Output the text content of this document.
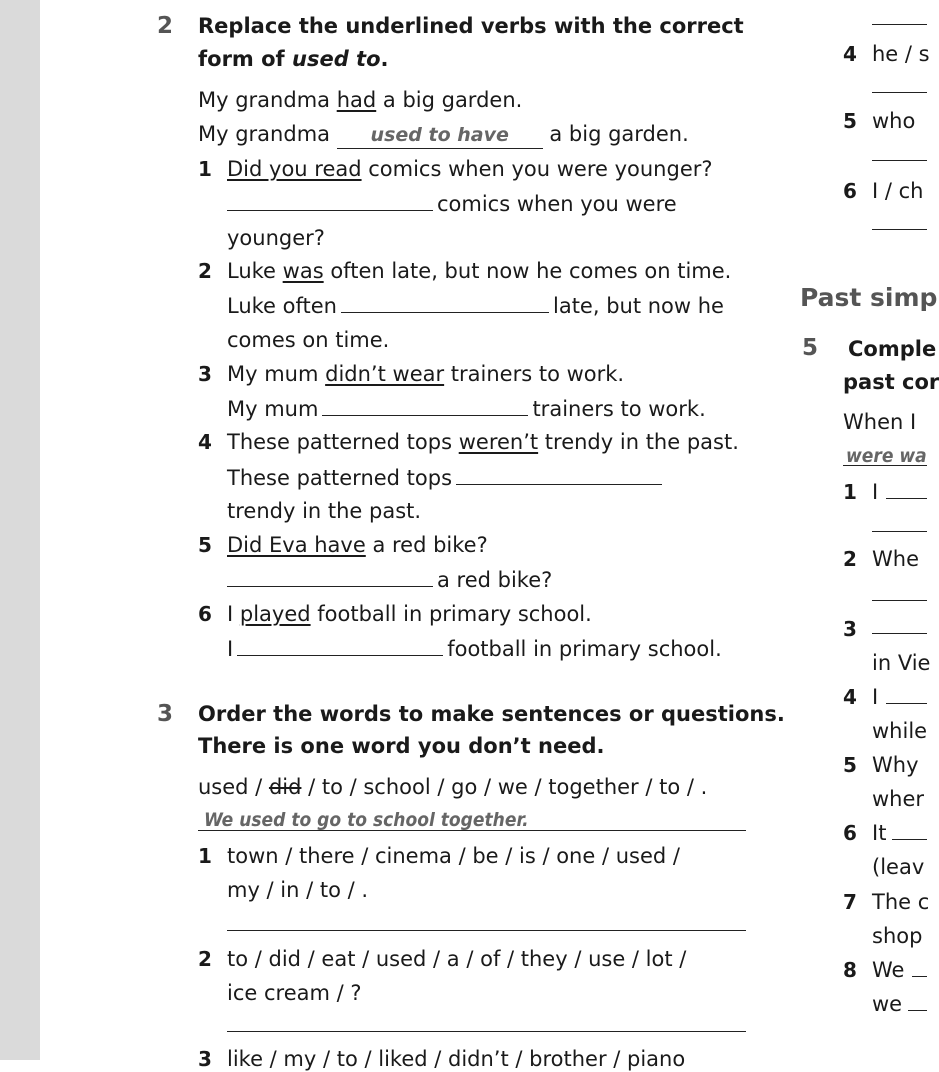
2 Replace the underlined verbs with the correct
form of used to.
My grandma had a big garden.
My grandma used to have a big garden.
1 Did you read comics when you were younger?
comics when you were
younger?
2 Luke was often late, but now he comes on time.
Luke often	late, but now he
comes on time.
3 My mum didn’t wear trainers to work.
My mum	trainers to work.
4 These patterned tops weren’t trendy in the past.
These patterned tops
trendy in the past.
5 Did Eva have a red bike?
a red bike?
6 I played football in primary school.
I	football in primary school.
3 Order the words to make sentences or questions.
There is one word you don’t need.
used / did / to / school / go / we / together / to / .
We used to go to school together.
1 town / there / cinema / be / is / one / used /
my / in / to / .
2 to / did / eat / used / a / of / they / use / lot /
ice cream / ?
3 like / my / to / liked / didn’t / brother / piano
4 he / s
5 who
6 I / ch
Past simp
5 Comple
past cor
When I
were wa
1 I
2 Whe
3
in Vie
4 I
while
5 Why
wher
6 It
(leav
7 The c
shop
8 We
we
